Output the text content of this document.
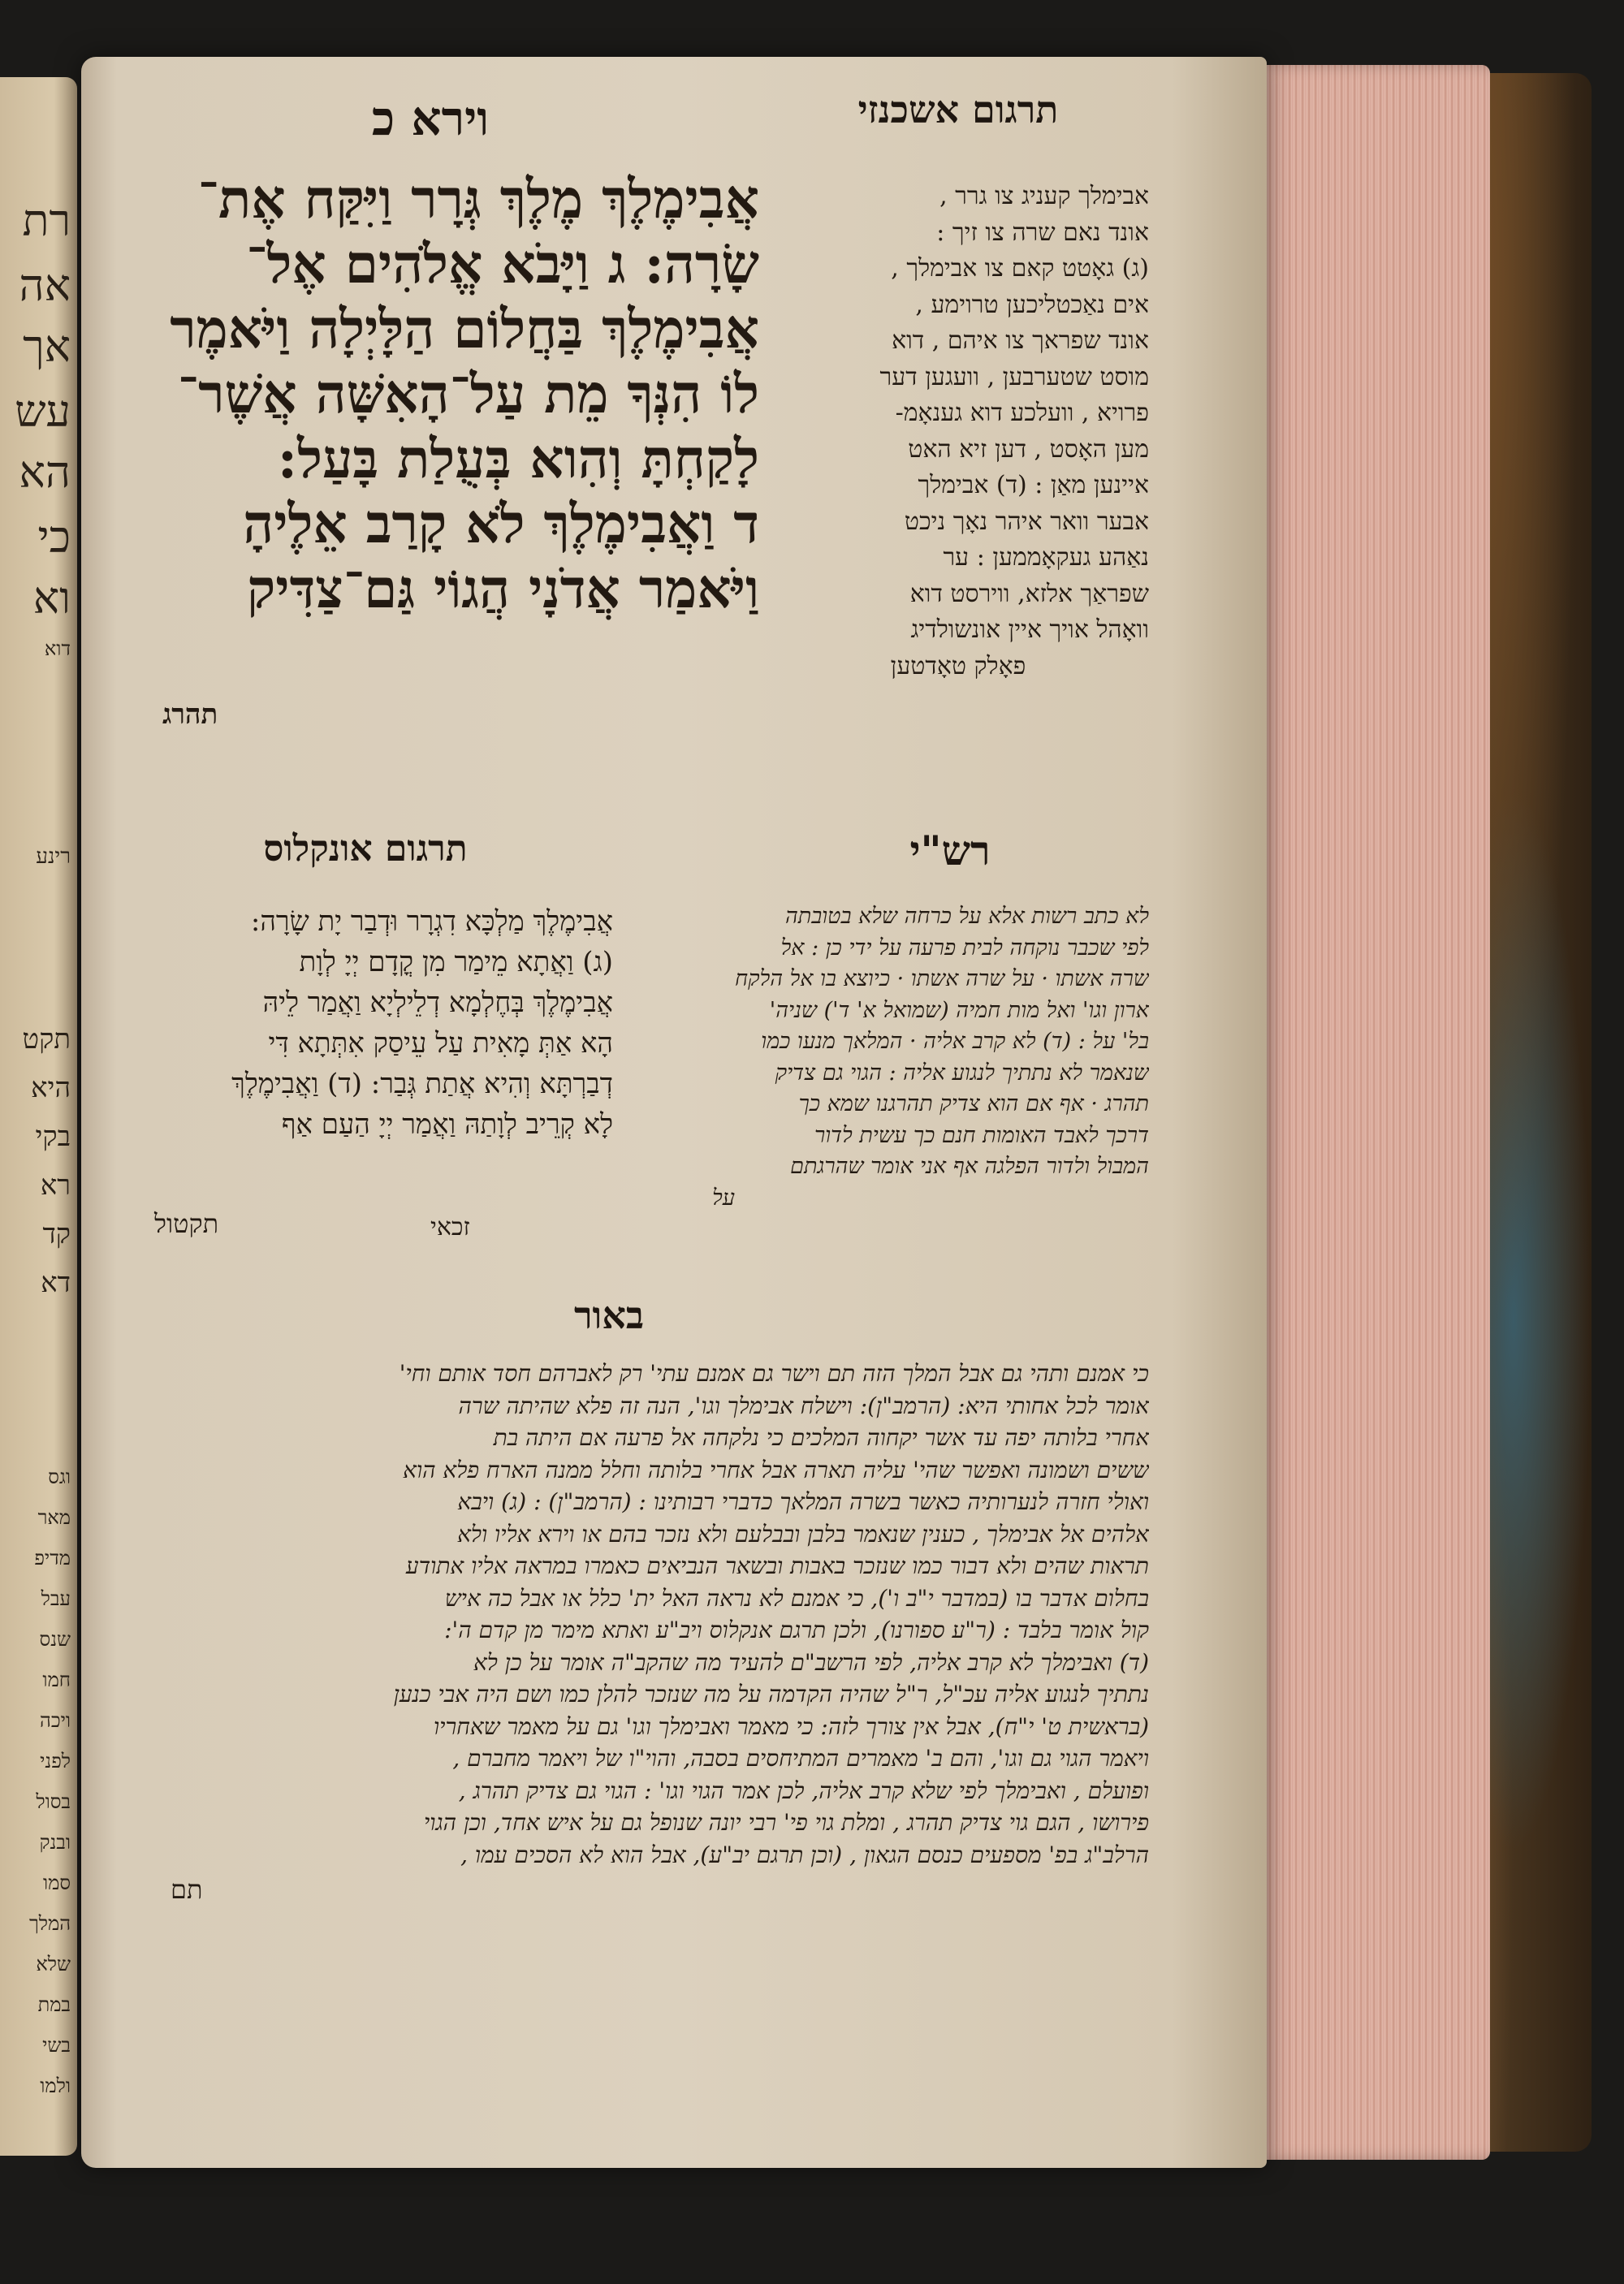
רת
אה
אך
עש
הא
כי
וא
דוא
רינע
תקט
היא
בקי
רא
קד
דא
וגס
מאר
מדיפ
עבל
שנס
חמו
ויכה
לפני
בסול
ובנק
סמו
המלך
שלא
במת
בשי
ולמו
תרגום אשכנזי
וירא כ
אֲבִימֶלֶךְ מֶלֶךְ גְּרָר וַיִּקַּח אֶת־
שָׂרָה: ג וַיָּבֹא אֱלֹהִים אֶל־
אֲבִימֶלֶךְ בַּחֲלוֹם הַלָּיְלָה וַיֹּאמֶר
לוֹ הִנְּךָ מֵת עַל־הָאִשָּׁה אֲשֶׁר־
לָקַחְתָּ וְהִוא בְּעֻלַת בָּעַל:
ד וַאֲבִימֶלֶךְ לֹא קָרַב אֵלֶיהָ
וַיֹּאמַר אֲדֹנָי הֲגוֹי גַּם־צַדִּיק
תהרג
אבימלך קעניג צו גרר ,
אונד נאם שרה צו זיך :
(ג) גאָטט קאם צו אבימלך ,
אים נאַכטליכען טרוימע ,
אונד שפראך צו איהם , דוא
מוסט שטערבען , וועגען דער
פרויא , וועלכע דוא גענאָמ-
מען האָסט , דען זיא האט
איינען מאַן : (ד) אבימלך
אבער וואר איהר נאָך ניכט
נאַהע געקאָממען : ער
שפראַך אלזא, ווירסט דוא
וואָהל אויך איין אונשולדיג
פאָלק טאָדטען
רש"י
לא כתב רשות אלא על כרחה שלא בטובתה
לפי שכבר נוקחה לבית פרעה על ידי כן : אל
שרה אשתו · על שרה אשתו · כיוצא בו אל הלקח
ארון וגו' ואל מות חמיה (שמואל א' ד') שניה'
בל' על : (ד) לא קרב אליה · המלאך מנעו כמו
שנאמר לא נתתיך לנגוע אליה : הגוי גם צדיק
תהרג · אף אם הוא צדיק תהרגנו שמא כך
דרכך לאבד האומות חנם כך עשית לדור
המבול ולדור הפלגה אף אני אומר שהרגתם
על
תרגום אונקלוס
אֲבִימֶלֶךְ מַלְכָּא דִגְרָר וּדְבַר יָת שָׂרָה:
(ג) וַאֲתָא מֵימַר מִן קֳדָם יְיָ לְוָת
אֲבִימֶלֶךְ בְּחֶלְמָא דְלֵילְיָא וַאֲמַר לֵיהּ
הָא אַתְּ מָאִית עַל עֵיסַק אִתְּתָא דִּי
דְבַרְתָּא וְהִיא אֲתַת גְּבַר: (ד) וַאֲבִימֶלֶךְ
לָא קְרֵיב לְוָתַהּ וַאֲמַר יְיָ הַעַם אַף
תקטול	זכאי
באור
כי אמנם ותהי גם אבל המלך הזה תם וישר גם אמנם עתי' רק לאברהם חסד אותם וחי'
אומר לכל אחותי היא: (הרמב"ן): וישלח אבימלך וגו', הנה זה פלא שהיתה שרה
אחרי בלותה יפה עד אשר יקחוה המלכים כי נלקחה אל פרעה אם היתה בת
ששים ושמונה ואפשר שהי' עליה תארה אבל אחרי בלותה וחלל ממנה הארח פלא הוא
ואולי חזרה לנערותיה כאשר בשרה המלאך כדברי רבותינו : (הרמב"ן) : (ג) ויבא
אלהים אל אבימלך , כענין שנאמר בלבן ובבלעם ולא נזכר בהם או וירא אליו ולא
תראות שהים ולא דבור כמו שנזכר באבות ובשאר הנביאים כאמרו במראה אליו אתודע
בחלום אדבר בו (במדבר י"ב ו'), כי אמנם לא נראה האל ית' כלל או אבל כה איש
קול אומר בלבד : (ר"ע ספורנו), ולכן תרגם אנקלוס ויב"ע ואתא מימר מן קדם ה':
(ד) ואבימלך לא קרב אליה, לפי הרשב"ם להעיד מה שהקב"ה אומר על כן לא
נתתיך לנגוע אליה עכ"ל, ר"ל שהיה הקדמה על מה שנזכר להלן כמו ושם היה אבי כנען
(בראשית ט' י"ח), אבל אין צורך לזה: כי מאמר ואבימלך וגו' גם על מאמר שאחריו
ויאמר הגוי גם וגו', והם ב' מאמרים המתיחסים בסבה, והוי"ו של ויאמר מחברם ,
ופועלם , ואבימלך לפי שלא קרב אליה, לכן אמר הגוי וגו' : הגוי גם צדיק תהרג ,
פירושו , הגם גוי צדיק תהרג , ומלת גוי פי' רבי יונה שנופל גם על איש אחד, וכן הגוי
הרלב"ג בפ' מספעים כנסם הגאון , (וכן תרגם יב"ע), אבל הוא לא הסכים עמו ,
תם
